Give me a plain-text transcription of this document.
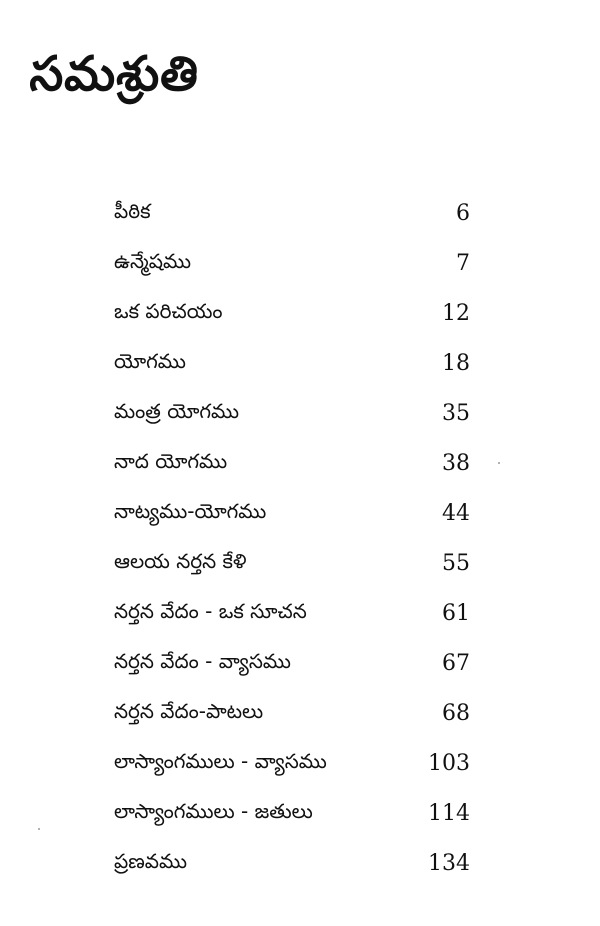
సమశ్రుతి
పీఠిక	6
ఉన్మేషము	7
ఒక పరిచయం	12
యోగము	18
మంత్ర యోగము	35
నాద యోగము	38
నాట్యము-యోగము	44
ఆలయ నర్తన కేళి	55
నర్తన వేదం - ఒక సూచన	61
నర్తన వేదం - వ్యాసము	67
నర్తన వేదం-పాటలు	68
లాస్యాంగములు - వ్యాసము	103
లాస్యాంగములు - జతులు	114
ప్రణవము	134
